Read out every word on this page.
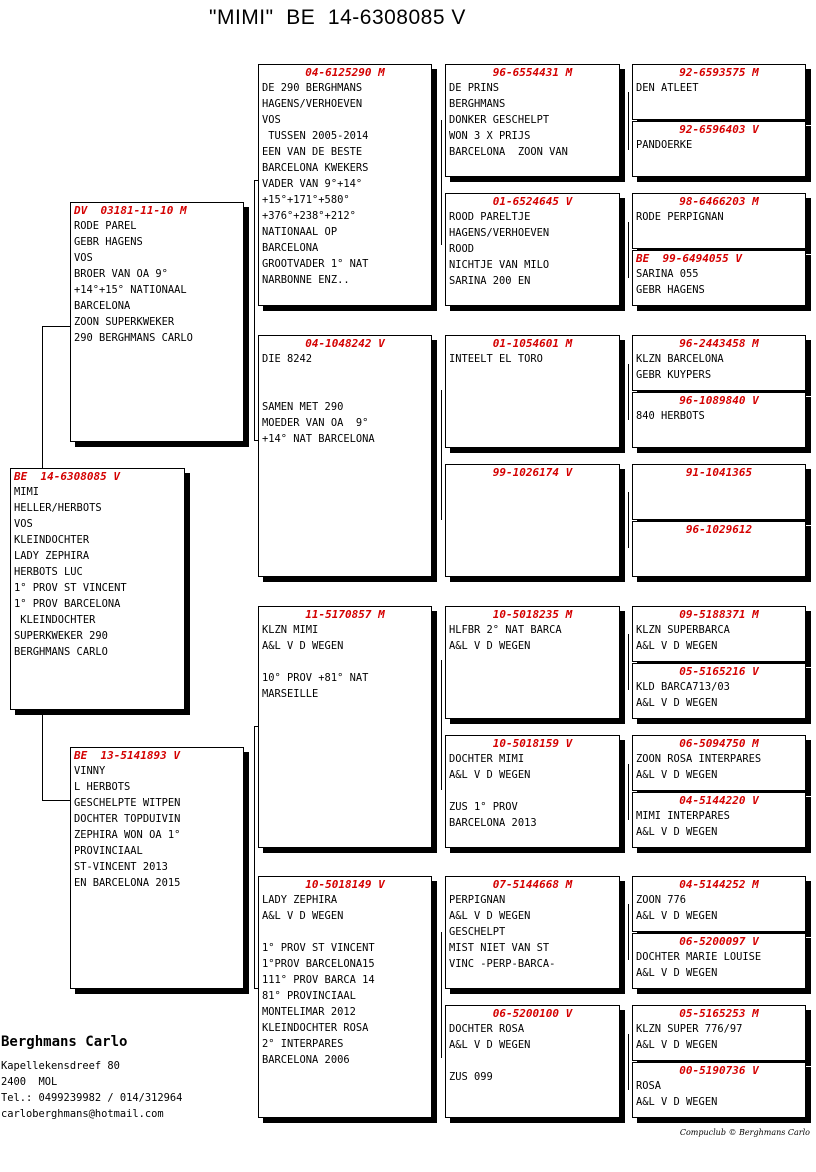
"MIMI"  BE  14-6308085 V
BE  14-6308085 V
MIMI
HELLER/HERBOTS
VOS
KLEINDOCHTER
LADY ZEPHIRA
HERBOTS LUC
1° PROV ST VINCENT
1° PROV BARCELONA
KLEINDOCHTER
SUPERKWEKER 290
BERGHMANS CARLO
DV  03181-11-10 M
RODE PAREL
GEBR HAGENS
VOS
BROER VAN OA 9°
+14°+15° NATIONAAL
BARCELONA
ZOON SUPERKWEKER
290 BERGHMANS CARLO
BE  13-5141893 V
VINNY
L HERBOTS
GESCHELPTE WITPEN
DOCHTER TOPDUIVIN
ZEPHIRA WON OA 1°
PROVINCIAAL
ST-VINCENT 2013
EN BARCELONA 2015
04-6125290 M
DE 290 BERGHMANS
HAGENS/VERHOEVEN
VOS
TUSSEN 2005-2014
EEN VAN DE BESTE
BARCELONA KWEKERS
VADER VAN 9°+14°
+15°+171°+580°
+376°+238°+212°
NATIONAAL OP
BARCELONA
GROOTVADER 1° NAT
NARBONNE ENZ..
04-1048242 V
DIE 8242

SAMEN MET 290
MOEDER VAN OA  9°
+14° NAT BARCELONA
11-5170857 M
KLZN MIMI
A&L V D WEGEN

10° PROV +81° NAT
MARSEILLE
10-5018149 V
LADY ZEPHIRA
A&L V D WEGEN

1° PROV ST VINCENT
1°PROV BARCELONA15
111° PROV BARCA 14
81° PROVINCIAAL
MONTELIMAR 2012
KLEINDOCHTER ROSA
2° INTERPARES
BARCELONA 2006
96-6554431 M
DE PRINS
BERGHMANS
DONKER GESCHELPT
WON 3 X PRIJS
BARCELONA  ZOON VAN
01-6524645 V
ROOD PARELTJE
HAGENS/VERHOEVEN
ROOD
NICHTJE VAN MILO
SARINA 200 EN
01-1054601 M
INTEELT EL TORO
99-1026174 V
10-5018235 M
HLFBR 2° NAT BARCA
A&L V D WEGEN
10-5018159 V
DOCHTER MIMI
A&L V D WEGEN

ZUS 1° PROV
BARCELONA 2013
07-5144668 M
PERPIGNAN
A&L V D WEGEN
GESCHELPT
MIST NIET VAN ST
VINC -PERP-BARCA-
06-5200100 V
DOCHTER ROSA
A&L V D WEGEN

ZUS 099
92-6593575 M
DEN ATLEET
92-6596403 V
PANDOERKE
98-6466203 M
RODE PERPIGNAN
BE  99-6494055 V
SARINA 055
GEBR HAGENS
96-2443458 M
KLZN BARCELONA
GEBR KUYPERS
96-1089840 V
840 HERBOTS
91-1041365
96-1029612
09-5188371 M
KLZN SUPERBARCA
A&L V D WEGEN
05-5165216 V
KLD BARCA713/03
A&L V D WEGEN
06-5094750 M
ZOON ROSA INTERPARES
A&L V D WEGEN
04-5144220 V
MIMI INTERPARES
A&L V D WEGEN
04-5144252 M
ZOON 776
A&L V D WEGEN
06-5200097 V
DOCHTER MARIE LOUISE
A&L V D WEGEN
05-5165253 M
KLZN SUPER 776/97
A&L V D WEGEN
00-5190736 V
ROSA
A&L V D WEGEN
Berghmans Carlo
Kapellekensdreef 80
2400  MOL
Tel.: 0499239982 / 014/312964
carloberghmans@hotmail.com
Compuclub © Berghmans Carlo
